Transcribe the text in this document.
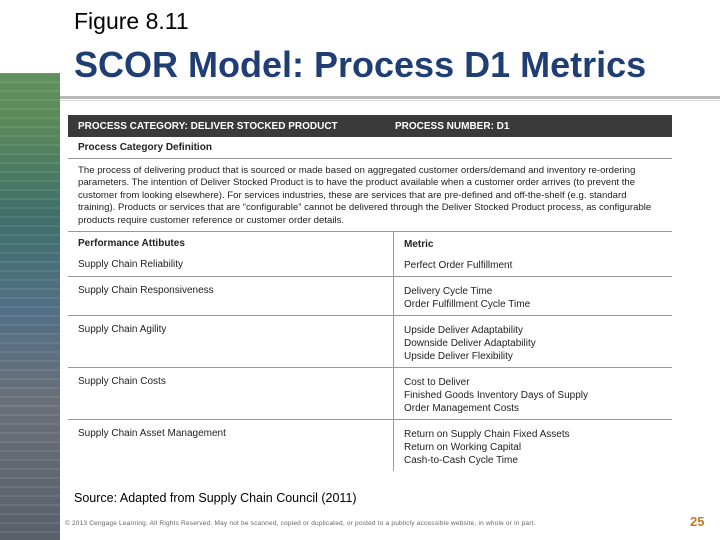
Figure 8.11
SCOR Model: Process D1 Metrics
PROCESS CATEGORY: DELIVER STOCKED PRODUCT	PROCESS NUMBER: D1
Process Category Definition
The process of delivering product that is sourced or made based on aggregated customer orders/demand and inventory re-ordering parameters. The intention of Deliver Stocked Product is to have the product available when a customer order arrives (to prevent the customer from looking elsewhere). For services industries, these are services that are pre-defined and off-the-shelf (e.g. standard training). Products or services that are “configurable” cannot be delivered through the Deliver Stocked Product process, as configurable products require customer reference or customer order details.
Performance Attibutes	Metric
Supply Chain Reliability	Perfect Order Fulfillment
Supply Chain Responsiveness	Delivery Cycle Time
Order Fulfillment Cycle Time
Supply Chain Agility	Upside Deliver Adaptability
Downside Deliver Adaptability
Upside Deliver Flexibility
Supply Chain Costs	Cost to Deliver
Finished Goods Inventory Days of Supply
Order Management Costs
Supply Chain Asset Management	Return on Supply Chain Fixed Assets
Return on Working Capital
Cash-to-Cash Cycle Time
Source: Adapted from Supply Chain Council (2011)
© 2013 Cengage Learning. All Rights Reserved. May not be scanned, copied or duplicated, or posted to a publicly accessible website, in whole or in part.	25
